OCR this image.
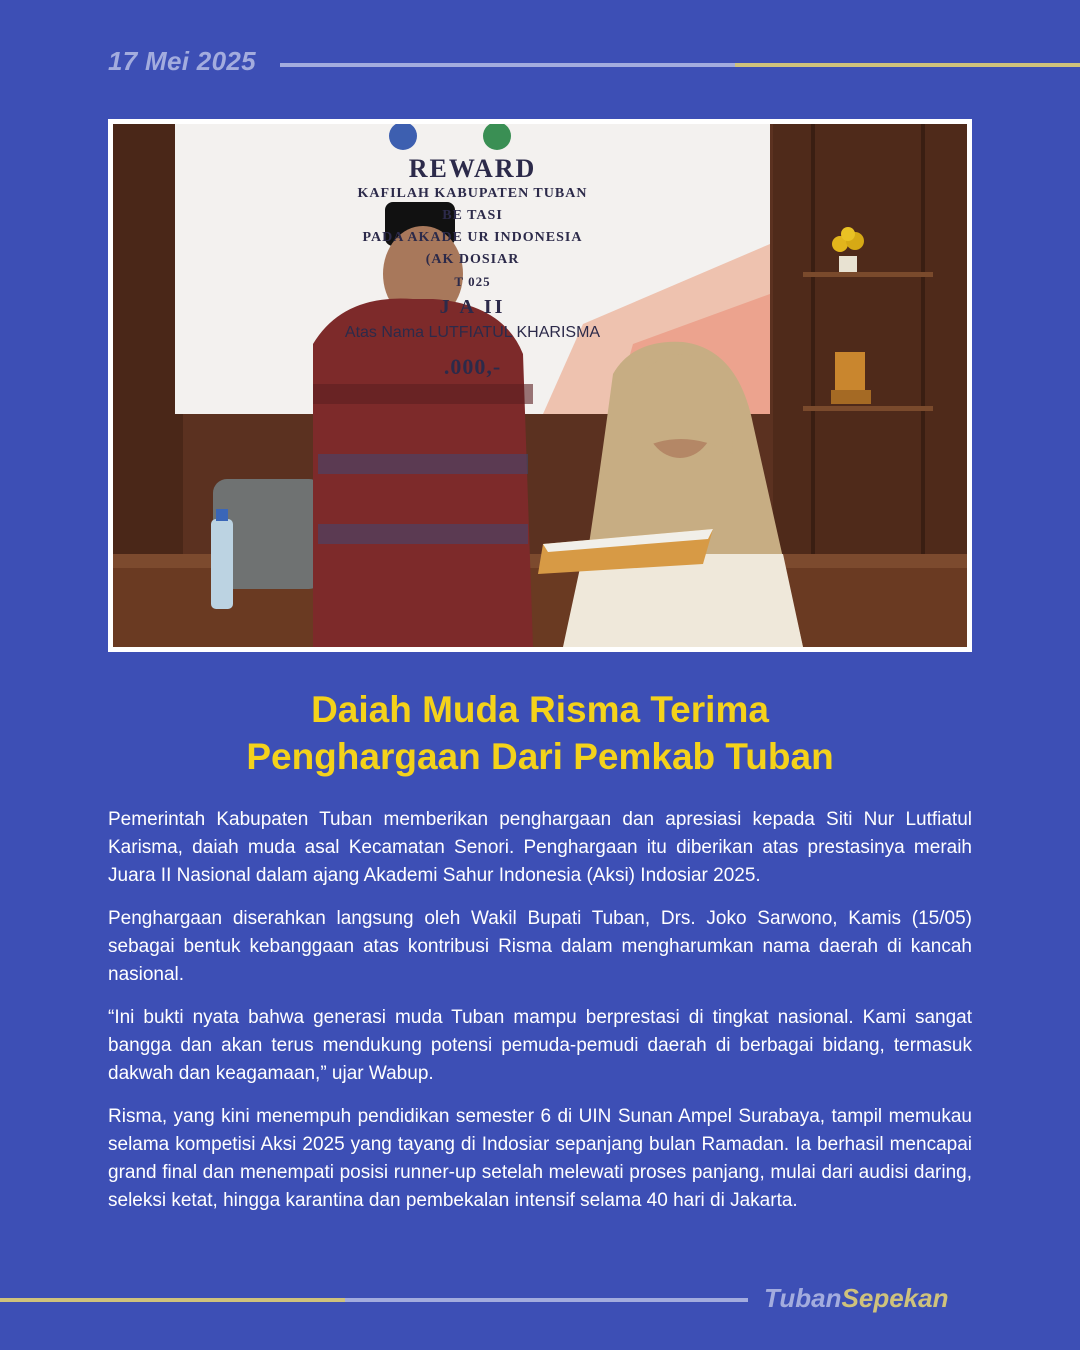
17 Mei 2025
REWARD
KAFILAH KABUPATEN TUBAN
BE TASI
PADA AKADE UR INDONESIA
(AK DOSIAR
T 025
J A II
Atas Nama LUTFIATUL KHARISMA
.000,-
Daiah Muda Risma Terima
Penghargaan Dari Pemkab Tuban

Pemerintah Kabupaten Tuban memberikan penghargaan dan apresiasi kepada Siti Nur Lutfiatul Karisma, daiah muda asal Kecamatan Senori. Penghargaan itu diberikan atas prestasinya meraih Juara II Nasional dalam ajang Akademi Sahur Indonesia (Aksi) Indosiar 2025.

Penghargaan diserahkan langsung oleh Wakil Bupati Tuban, Drs. Joko Sarwono, Kamis (15/05) sebagai bentuk kebanggaan atas kontribusi Risma dalam mengharumkan nama daerah di kancah nasional.

“Ini bukti nyata bahwa generasi muda Tuban mampu berprestasi di tingkat nasional. Kami sangat bangga dan akan terus mendukung potensi pemuda-pemudi daerah di berbagai bidang, termasuk dakwah dan keagamaan,” ujar Wabup.

Risma, yang kini menempuh pendidikan semester 6 di UIN Sunan Ampel Surabaya, tampil memukau selama kompetisi Aksi 2025 yang tayang di Indosiar sepanjang bulan Ramadan. Ia berhasil mencapai grand final dan menempati posisi runner-up setelah melewati proses panjang, mulai dari audisi daring, seleksi ketat, hingga karantina dan pembekalan intensif selama 40 hari di Jakarta.

TubanSepekan
